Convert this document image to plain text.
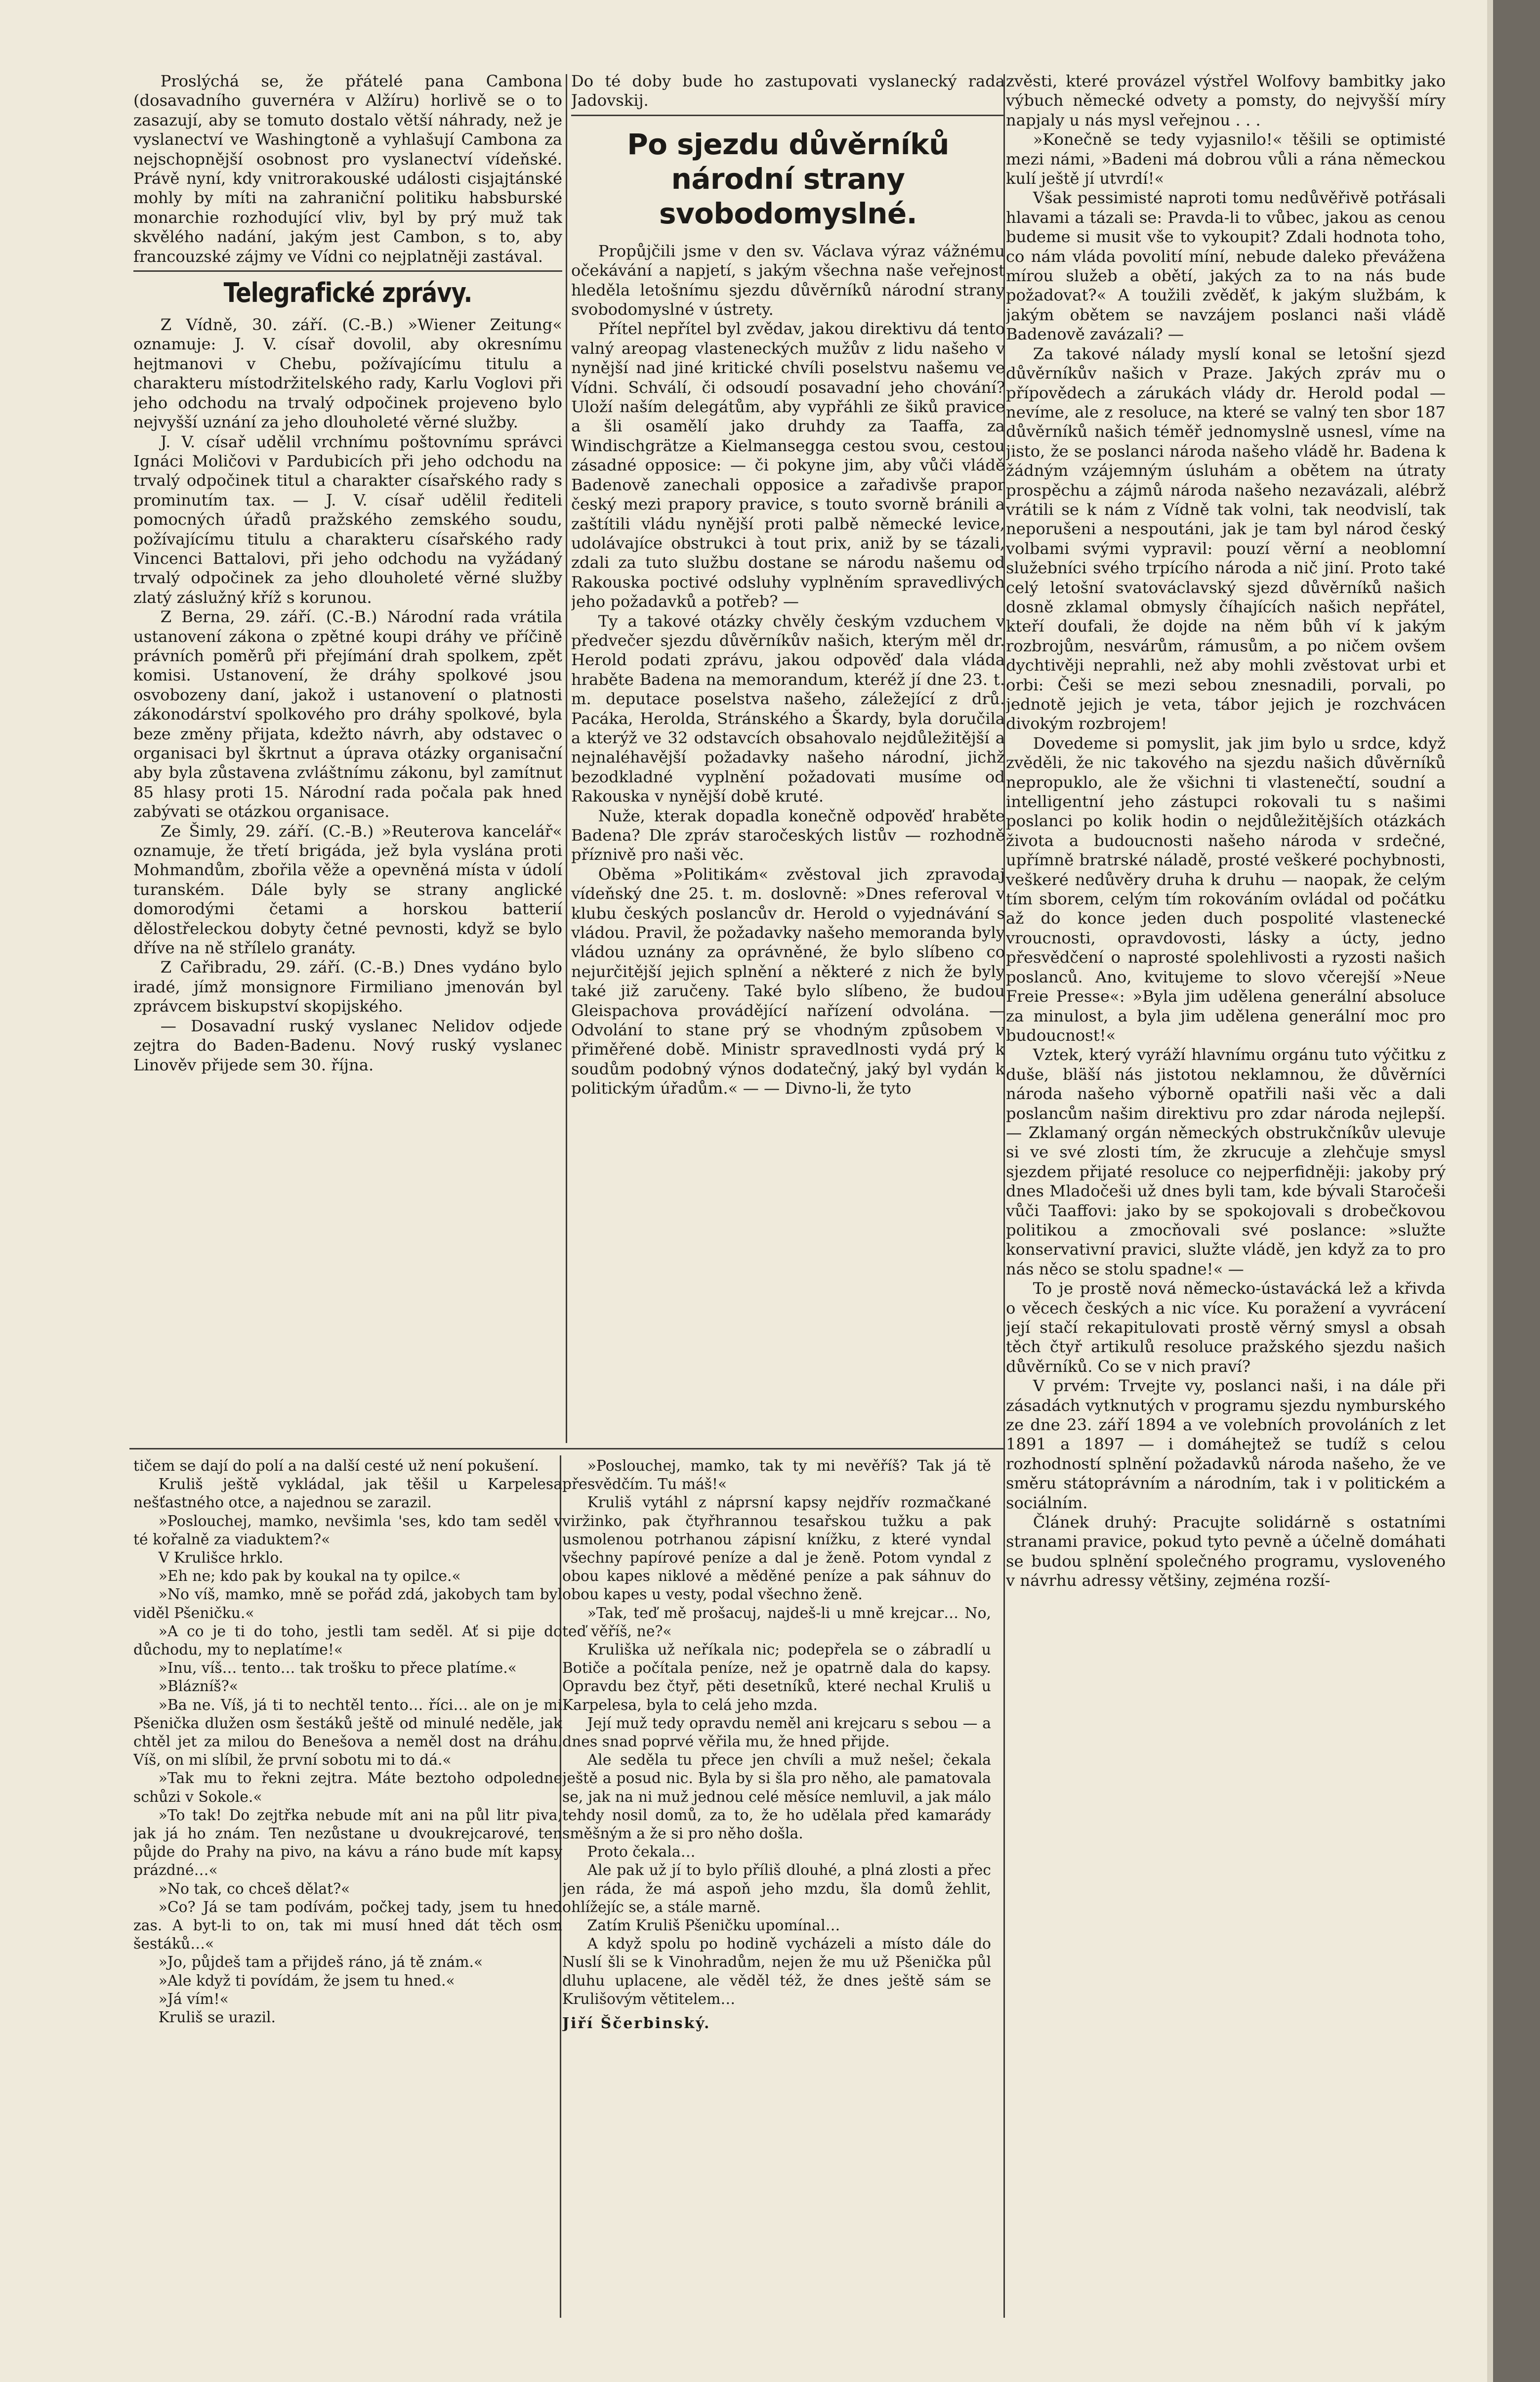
Proslýchá se, že přátelé pana Cambona (dosavadního guvernéra v Alžíru) horlivě se o to zasazují, aby se tomuto dostalo větší náhrady, než je vyslanectví ve Washingtoně a vyhlašují Cambona za nejschopnější osobnost pro vyslanectví vídeňské. Právě nyní, kdy vnitrorakouské události cisjajtánské mohly by míti na zahraniční politiku habsburské monarchie rozhodující vliv, byl by prý muž tak skvělého nadání, jakým jest Cambon, s to, aby francouzské zájmy ve Vídni co nejplatněji zastával.

Telegrafické zprávy.

Z Vídně, 30. září. (C.-B.) »Wiener Zeitung« oznamuje: J. V. císař dovolil, aby okresnímu hejtmanovi v Chebu, požívajícímu titulu a charakteru místodržitelského rady, Karlu Voglovi při jeho odchodu na trvalý odpočinek projeveno bylo nejvyšší uznání za jeho dlouholeté věrné služby.

J. V. císař udělil vrchnímu poštovnímu správci Ignáci Moličovi v Pardubicích při jeho odchodu na trvalý odpočinek titul a charakter císařského rady s prominutím tax. — J. V. císař udělil řediteli pomocných úřadů pražského zemského soudu, požívajícímu titulu a charakteru císařského rady Vincenci Battalovi, při jeho odchodu na vyžádaný trvalý odpočinek za jeho dlouholeté věrné služby zlatý záslužný kříž s korunou.

Z Berna, 29. září. (C.-B.) Národní rada vrátila ustanovení zákona o zpětné koupi dráhy ve příčině právních poměrů při přejímání drah spolkem, zpět komisi. Ustanovení, že dráhy spolkové jsou osvobozeny daní, jakož i ustanovení o platnosti zákonodárství spolkového pro dráhy spolkové, byla beze změny přijata, kdežto návrh, aby odstavec o organisaci byl škrtnut a úprava otázky organisační aby byla zůstavena zvláštnímu zákonu, byl zamítnut 85 hlasy proti 15. Národní rada počala pak hned zabývati se otázkou organisace.

Ze Šimly, 29. září. (C.-B.) »Reuterova kancelář« oznamuje, že třetí brigáda, jež byla vyslána proti Mohmandům, zbořila věže a opevněná místa v údolí turanském. Dále byly se strany anglické domorodými četami a horskou batterií dělostřeleckou dobyty četné pevnosti, když se bylo dříve na ně střílelo granáty.

Z Cařibradu, 29. září. (C.-B.) Dnes vydáno bylo iradé, jímž monsignore Firmiliano jmenován byl zprávcem biskupství skopijského.

— Dosavadní ruský vyslanec Nelidov odjede zejtra do Baden-Badenu. Nový ruský vyslanec Linověv přijede sem 30. října.

Do té doby bude ho zastupovati vyslanecký rada Jadovskij.

Po sjezdu důvěrníků národní strany svobodomyslné.

Propůjčili jsme v den sv. Václava výraz vážnému očekávání a napjetí, s jakým všechna naše veřejnost hleděla letošnímu sjezdu důvěrníků národní strany svobodomyslné v ústrety.

Přítel nepřítel byl zvědav, jakou direktivu dá tento valný areopag vlasteneckých mužův z lidu našeho v nynější nad jiné kritické chvíli poselstvu našemu ve Vídni. Schválí, či odsoudí posavadní jeho chování? Uloží naším delegátům, aby vypřáhli ze šiků pravice a šli osamělí jako druhdy za Taaffa, za Windischgrätze a Kielmansegga cestou svou, cestou zásadné opposice: — či pokyne jim, aby vůči vládě Badenově zanechali opposice a zařadivše prapor český mezi prapory pravice, s touto svorně bránili a zaštítili vládu nynější proti palbě německé levice, udolávajíce obstrukci à tout prix, aniž by se tázali, zdali za tuto službu dostane se národu našemu od Rakouska poctivé odsluhy vyplněním spravedlivých jeho požadavků a potřeb? —

Ty a takové otázky chvěly českým vzduchem v předvečer sjezdu důvěrníkův našich, kterým měl dr. Herold podati zprávu, jakou odpověď dala vláda hraběte Badena na memorandum, kteréž jí dne 23. t. m. deputace poselstva našeho, záležející z drů. Pacáka, Herolda, Stránského a Škardy, byla doručila a kterýž ve 32 odstavcích obsahovalo nejdůležitější a nejnaléhavější požadavky našeho národní, jichž bezodkladné vyplnění požadovati musíme od Rakouska v nynější době kruté.

Nuže, kterak dopadla konečně odpověď hraběte Badena? Dle zpráv staročeských listův — rozhodně příznivě pro naši věc.

Oběma »Politikám« zvěstoval jich zpravodaj vídeňský dne 25. t. m. doslovně: »Dnes referoval v klubu českých poslancův dr. Herold o vyjednávání s vládou. Pravil, že požadavky našeho memoranda byly vládou uznány za oprávněné, že bylo slíbeno co nejurčitější jejich splnění a některé z nich že byly také již zaručeny. Také bylo slíbeno, že budou Gleispachova provádějící nařízení odvolána. — Odvolání to stane prý se vhodným způsobem v přiměřené době. Ministr spravedlnosti vydá prý k soudům podobný výnos dodatečný, jaký byl vydán k politickým úřadům.« — — Divno-li, že tyto

zvěsti, které provázel výstřel Wolfovy bambitky jako výbuch německé odvety a pomsty, do nejvyšší míry napjaly u nás mysl veřejnou . . .

»Konečně se tedy vyjasnilo!« těšili se optimisté mezi námi, »Badeni má dobrou vůli a rána německou kulí ještě jí utvrdí!«

Však pessimisté naproti tomu nedůvěřivě potřásali hlavami a tázali se: Pravda-li to vůbec, jakou as cenou budeme si musit vše to vykoupit? Zdali hodnota toho, co nám vláda povolití míní, nebude daleko převážena mírou služeb a obětí, jakých za to na nás bude požadovat?« A toužili zvěděť, k jakým službám, k jakým obětem se navzájem poslanci naši vládě Badenově zavázali? —

Za takové nálady myslí konal se letošní sjezd důvěrníkův našich v Praze. Jakých zpráv mu o přípovědech a zárukách vlády dr. Herold podal — nevíme, ale z resoluce, na které se valný ten sbor 187 důvěrníků našich téměř jednomyslně usnesl, víme na jisto, že se poslanci národa našeho vládě hr. Badena k žádným vzájemným úsluhám a obětem na útraty prospěchu a zájmů národa našeho nezavázali, alébrž vrátili se k nám z Vídně tak volni, tak neodvislí, tak neporušeni a nespoutáni, jak je tam byl národ český volbami svými vypravil: pouzí věrní a neoblomní služebníci svého trpícího národa a nič jiní. Proto také celý letošní svatováclavský sjezd důvěrníků našich dosně zklamal obmysly číhajících našich nepřátel, kteří doufali, že dojde na něm bůh ví k jakým rozbrojům, nesvárům, rámusům, a po ničem ovšem dychtivěji neprahli, než aby mohli zvěstovat urbi et orbi: Češi se mezi sebou znesnadili, porvali, po jednotě jejich je veta, tábor jejich je rozchvácen divokým rozbrojem!

Dovedeme si pomyslit, jak jim bylo u srdce, když zvěděli, že nic takového na sjezdu našich důvěrníků nepropuklo, ale že všichni ti vlastenečtí, soudní a intelligentní jeho zástupci rokovali tu s našimi poslanci po kolik hodin o nejdůležitějších otázkách života a budoucnosti našeho národa v srdečné, upřímně bratrské náladě, prosté veškeré pochybnosti, veškeré nedůvěry druha k druhu — naopak, že celým tím sborem, celým tím rokováním ovládal od počátku až do konce jeden duch pospolité vlastenecké vroucnosti, opravdovosti, lásky a úcty, jedno přesvědčení o naprosté spolehlivosti a ryzosti našich poslanců. Ano, kvitujeme to slovo včerejší »Neue Freie Presse«: »Byla jim udělena generální absoluce za minulost, a byla jim udělena generální moc pro budoucnost!«

Vztek, který vyráží hlavnímu orgánu tuto výčitku z duše, bläší nás jistotou neklamnou, že důvěrníci národa našeho výborně opatřili naši věc a dali poslancům našim direktivu pro zdar národa nejlepší. — Zklamaný orgán německých obstrukčníkův ulevuje si ve své zlosti tím, že zkrucuje a zlehčuje smysl sjezdem přijaté resoluce co nejperfidněji: jakoby prý dnes Mladočeši už dnes byli tam, kde bývali Staročeši vůči Taaffovi: jako by se spokojovali s drobečkovou politikou a zmocňovali své poslance: »služte konservativní pravici, služte vládě, jen když za to pro nás něco se stolu spadne!« —

To je prostě nová německo-ústavácká lež a křivda o věcech českých a nic více. Ku poražení a vyvrácení její stačí rekapitulovati prostě věrný smysl a obsah těch čtyř artikulů resoluce pražského sjezdu našich důvěrníků. Co se v nich praví?

V prvém: Trvejte vy, poslanci naši, i na dále při zásadách vytknutých v programu sjezdu nymburského ze dne 23. září 1894 a ve volebních provoláních z let 1891 a 1897 — i domáhejtež se tudíž s celou rozhodností splnění požadavků národa našeho, že ve směru státoprávním a národním, tak i v politickém a sociálním.

Článek druhý: Pracujte solidárně s ostatními stranami pravice, pokud tyto pevně a účelně domáhati se budou splnění společného programu, vysloveného v návrhu adressy většiny, zejména rozší-

tičem se dají do polí a na další cesté už není pokušení.

Kruliš ještě vykládal, jak těšil u Karpelesa nešťastného otce, a najednou se zarazil.

»Poslouchej, mamko, nevšimla 'ses, kdo tam seděl v té kořalně za viaduktem?«

V Krulišce hrklo.

»Eh ne; kdo pak by koukal na ty opilce.«

»No víš, mamko, mně se pořád zdá, jakobych tam byl viděl Pšeničku.«

»A co je ti do toho, jestli tam seděl. Ať si pije do důchodu, my to neplatíme!«

»Inu, víš… tento… tak trošku to přece platíme.«

»Blázníš?«

»Ba ne. Víš, já ti to nechtěl tento… říci… ale on je mi Pšenička dlužen osm šestáků ještě od minulé neděle, jak chtěl jet za milou do Benešova a neměl dost na dráhu. Víš, on mi slíbil, že první sobotu mi to dá.«

»Tak mu to řekni zejtra. Máte beztoho odpoledne schůzi v Sokole.«

»To tak! Do zejtřka nebude mít ani na půl litr piva, jak já ho znám. Ten nezůstane u dvoukrejcarové, ten půjde do Prahy na pivo, na kávu a ráno bude mít kapsy prázdné…«

»No tak, co chceš dělat?«

»Co? Já se tam podívám, počkej tady, jsem tu hned zas. A byt-li to on, tak mi musí hned dát těch osm šestáků…«

»Jo, půjdeš tam a přijdeš ráno, já tě znám.«

»Ale když ti povídám, že jsem tu hned.«

»Já vím!«

Kruliš se urazil.

»Poslouchej, mamko, tak ty mi nevěříš? Tak já tě přesvědčím. Tu máš!«

Kruliš vytáhl z náprsní kapsy nejdřív rozmačkané viržinko, pak čtyřhrannou tesařskou tužku a pak usmolenou potrhanou zápisní knížku, z které vyndal všechny papírové peníze a dal je ženě. Potom vyndal z obou kapes niklové a měděné peníze a pak sáhnuv do obou kapes u vesty, podal všechno ženě.

»Tak, teď mě prošacuj, najdeš-li u mně krejcar… No, teď věříš, ne?«

Kruliška už neříkala nic; podepřela se o zábradlí u Botiče a počítala peníze, než je opatrně dala do kapsy. Opravdu bez čtyř, pěti desetníků, které nechal Kruliš u Karpelesa, byla to celá jeho mzda.

Její muž tedy opravdu neměl ani krejcaru s sebou — a dnes snad poprvé věřila mu, že hned přijde.

Ale seděla tu přece jen chvíli a muž nešel; čekala ještě a posud nic. Byla by si šla pro něho, ale pamatovala se, jak na ni muž jednou celé měsíce nemluvil, a jak málo tehdy nosil domů, za to, že ho udělala před kamarády směšným a že si pro něho došla.

Proto čekala…

Ale pak už jí to bylo příliš dlouhé, a plná zlosti a přec jen ráda, že má aspoň jeho mzdu, šla domů žehlit, ohlížejíc se, a stále marně.

Zatím Kruliš Pšeničku upomínal…

A když spolu po hodině vycházeli a místo dále do Nuslí šli se k Vinohradům, nejen že mu už Pšenička půl dluhu uplacene, ale věděl též, že dnes ještě sám se Krulišovým větitelem…

Jiří Ščerbinský.
